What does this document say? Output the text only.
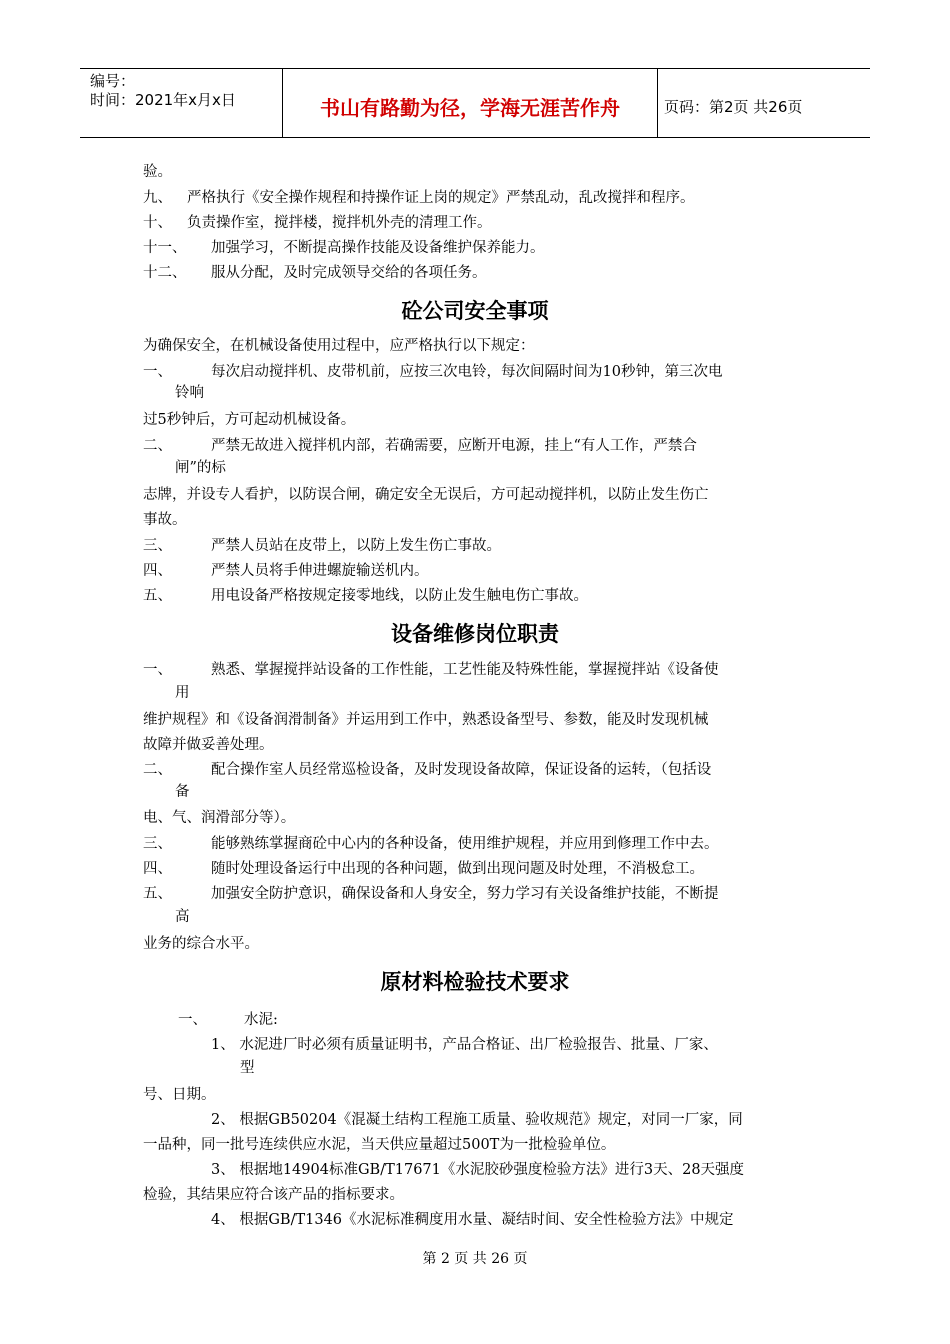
编号：
时间：2021年x月x日	书山有路勤为径，学海无涯苦作舟	页码：第2页 共26页
验。
九、 严格执行《安全操作规程和持操作证上岗的规定》严禁乱动，乱改搅拌和程序。
十、 负责操作室，搅拌楼，搅拌机外壳的清理工作。
十一、 加强学习，不断提高操作技能及设备维护保养能力。
十二、 服从分配，及时完成领导交给的各项任务。
砼公司安全事项
为确保安全，在机械设备使用过程中，应严格执行以下规定：
一、	每次启动搅拌机、皮带机前，应按三次电铃，每次间隔时间为10秒钟，第三次电
铃响
过5秒钟后，方可起动机械设备。
二、	严禁无故进入搅拌机内部，若确需要，应断开电源，挂上“有人工作，严禁合
闸”的标
志牌，并设专人看护，以防误合闸，确定安全无误后，方可起动搅拌机，以防止发生伤亡
事故。
三、	严禁人员站在皮带上，以防上发生伤亡事故。
四、	严禁人员将手伸进螺旋输送机内。
五、	用电设备严格按规定接零地线，以防止发生触电伤亡事故。
设备维修岗位职责
一、	熟悉、掌握搅拌站设备的工作性能，工艺性能及特殊性能，掌握搅拌站《设备使
用
维护规程》和《设备润滑制备》并运用到工作中，熟悉设备型号、参数，能及时发现机械
故障并做妥善处理。
二、	配合操作室人员经常巡检设备，及时发现设备故障，保证设备的运转，（包括设
备
电、气、润滑部分等）。
三、	能够熟练掌握商砼中心内的各种设备，使用维护规程，并应用到修理工作中去。
四、	随时处理设备运行中出现的各种问题，做到出现问题及时处理，不消极怠工。
五、	加强安全防护意识，确保设备和人身安全，努力学习有关设备维护技能，不断提
高
业务的综合水平。
原材料检验技术要求
一、	水泥:
1、 水泥进厂时必须有质量证明书，产品合格证、出厂检验报告、批量、厂家、
型
号、日期。
2、 根据GB50204《混凝土结构工程施工质量、验收规范》规定，对同一厂家，同
一品种，同一批号连续供应水泥，当天供应量超过500T为一批检验单位。
3、 根据地14904标准GB/T17671《水泥胶砂强度检验方法》进行3天、28天强度
检验，其结果应符合该产品的指标要求。
4、 根据GB/T1346《水泥标准稠度用水量、凝结时间、安全性检验方法》中规定
第 2 页 共 26 页
